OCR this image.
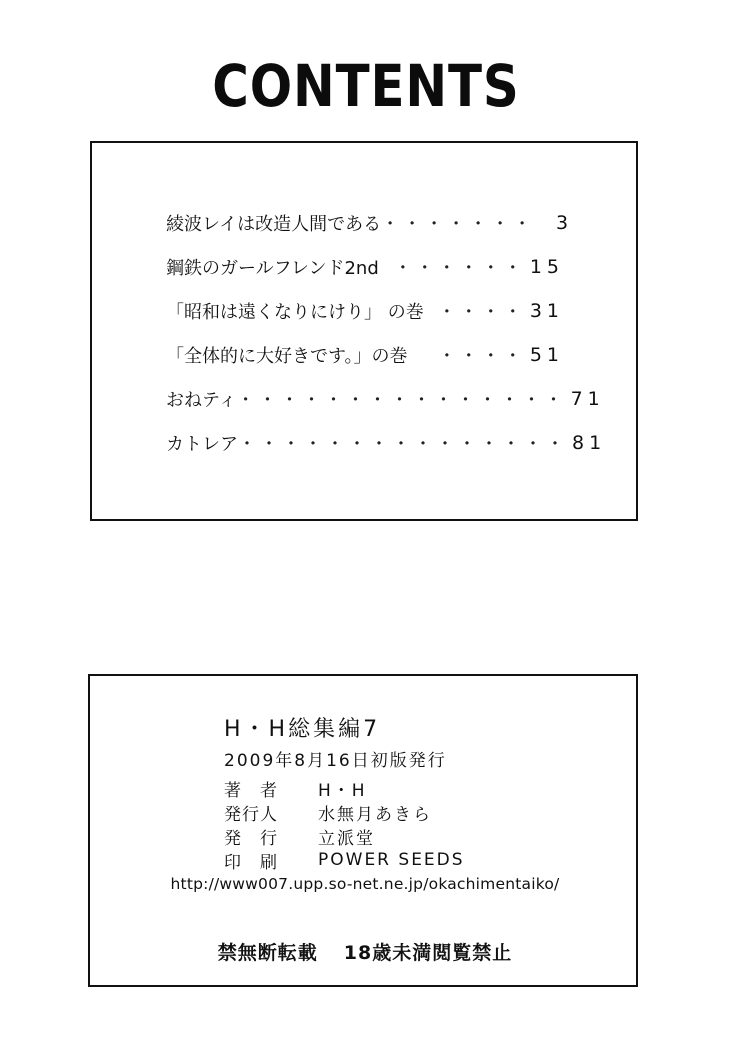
CONTENTS
綾波レイは改造人間である ・・・・・・・	3
鋼鉄のガールフレンド2nd ・・・・・・ 15
「昭和は遠くなりにけり」 の巻 ・・・・ 31
「全体的に大好きです。」の巻	・・・・ 51
おねティ ・・・・・・・・・・・・・・・ 71
カトレア ・・・・・・・・・・・・・・・ 81
H・H総集編7
2009年8月16日初版発行
著　者	H・H
発行人	水無月あきら
発　行	立派堂
印　刷	POWER SEEDS
http://www007.upp.so-net.ne.jp/okachimentaiko/
禁無断転載 18歳未満閲覧禁止
